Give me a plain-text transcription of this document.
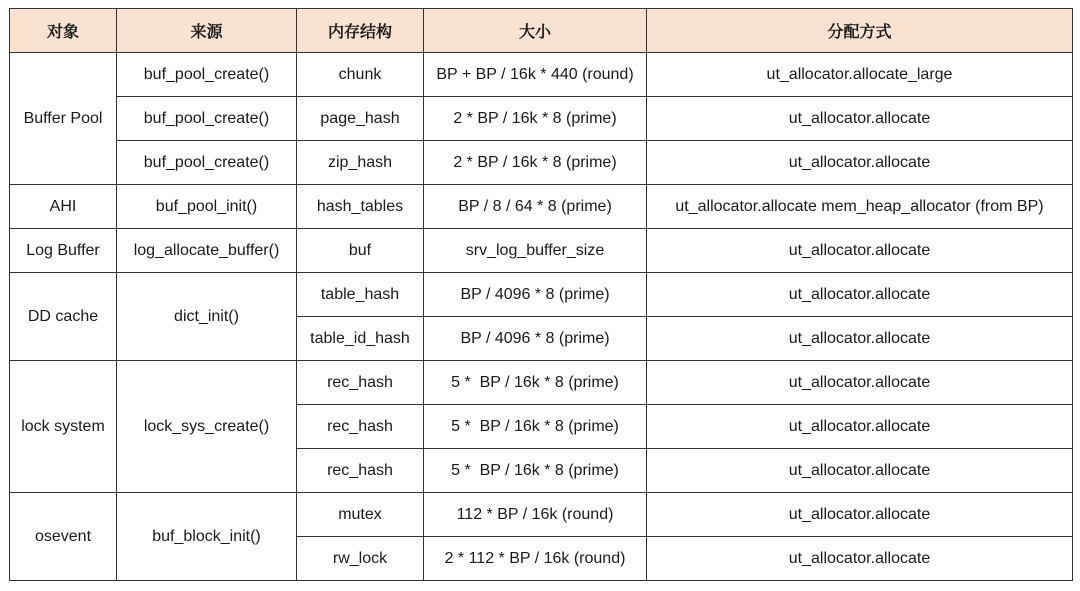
对象	来源	内存结构	大小	分配方式
Buffer Pool	buf_pool_create()	chunk	BP + BP / 16k * 440 (round)	ut_allocator.allocate_large
	buf_pool_create()	page_hash	2 * BP / 16k * 8 (prime)	ut_allocator.allocate
	buf_pool_create()	zip_hash	2 * BP / 16k * 8 (prime)	ut_allocator.allocate
AHI	buf_pool_init()	hash_tables	BP / 8 / 64 * 8 (prime)	ut_allocator.allocate mem_heap_allocator (from BP)
Log Buffer	log_allocate_buffer()	buf	srv_log_buffer_size	ut_allocator.allocate
DD cache	dict_init()	table_hash	BP / 4096 * 8 (prime)	ut_allocator.allocate
		table_id_hash	BP / 4096 * 8 (prime)	ut_allocator.allocate
lock system	lock_sys_create()	rec_hash	5 *  BP / 16k * 8 (prime)	ut_allocator.allocate
		rec_hash	5 *  BP / 16k * 8 (prime)	ut_allocator.allocate
		rec_hash	5 *  BP / 16k * 8 (prime)	ut_allocator.allocate
osevent	buf_block_init()	mutex	112 * BP / 16k (round)	ut_allocator.allocate
		rw_lock	2 * 112 * BP / 16k (round)	ut_allocator.allocate
